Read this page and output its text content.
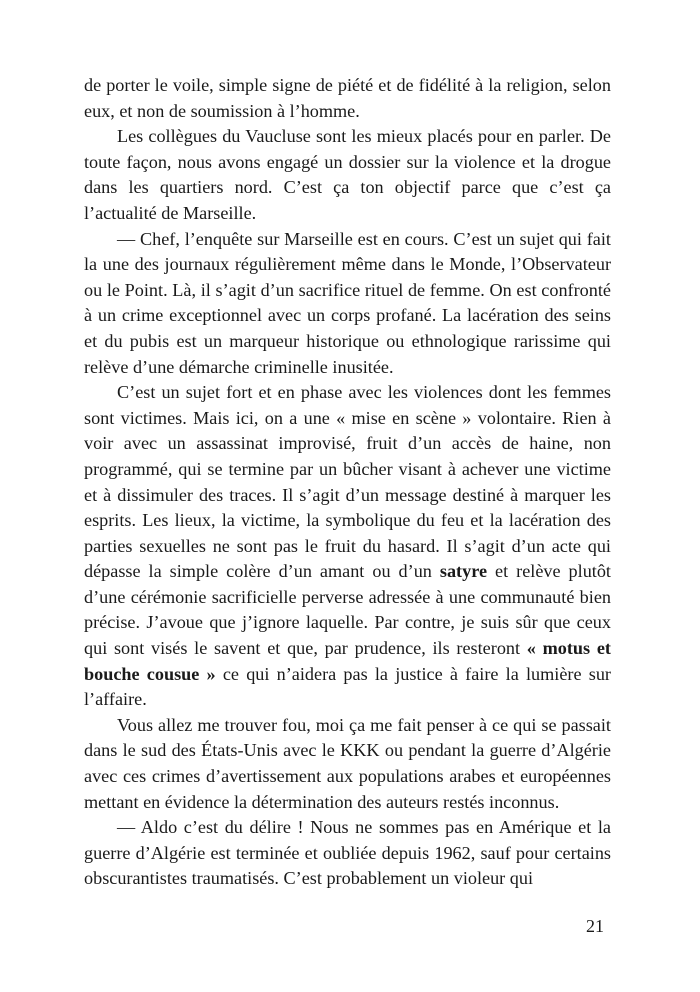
de porter le voile, simple signe de piété et de fidélité à la religion, selon eux, et non de soumission à l’homme.

Les collègues du Vaucluse sont les mieux placés pour en parler. De toute façon, nous avons engagé un dossier sur la violence et la drogue dans les quartiers nord. C’est ça ton objectif parce que c’est ça l’actualité de Marseille.

— Chef, l’enquête sur Marseille est en cours. C’est un sujet qui fait la une des journaux régulièrement même dans le Monde, l’Observateur ou le Point. Là, il s’agit d’un sacrifice rituel de femme. On est confronté à un crime exceptionnel avec un corps profané. La lacération des seins et du pubis est un marqueur historique ou ethnologique rarissime qui relève d’une démarche criminelle inusitée.

C’est un sujet fort et en phase avec les violences dont les femmes sont victimes. Mais ici, on a une « mise en scène » volontaire. Rien à voir avec un assassinat improvisé, fruit d’un accès de haine, non programmé, qui se termine par un bûcher visant à achever une victime et à dissimuler des traces. Il s’agit d’un message destiné à marquer les esprits. Les lieux, la victime, la symbolique du feu et la lacération des parties sexuelles ne sont pas le fruit du hasard. Il s’agit d’un acte qui dépasse la simple colère d’un amant ou d’un satyre et relève plutôt d’une cérémonie sacrificielle perverse adressée à une communauté bien précise. J’avoue que j’ignore laquelle. Par contre, je suis sûr que ceux qui sont visés le savent et que, par prudence, ils resteront « motus et bouche cousue » ce qui n’aidera pas la justice à faire la lumière sur l’affaire.

Vous allez me trouver fou, moi ça me fait penser à ce qui se passait dans le sud des États-Unis avec le KKK ou pendant la guerre d’Algérie avec ces crimes d’avertissement aux populations arabes et européennes mettant en évidence la détermination des auteurs restés inconnus.

— Aldo c’est du délire ! Nous ne sommes pas en Amérique et la guerre d’Algérie est terminée et oubliée depuis 1962, sauf pour certains obscurantistes traumatisés. C’est probablement un violeur qui

21
